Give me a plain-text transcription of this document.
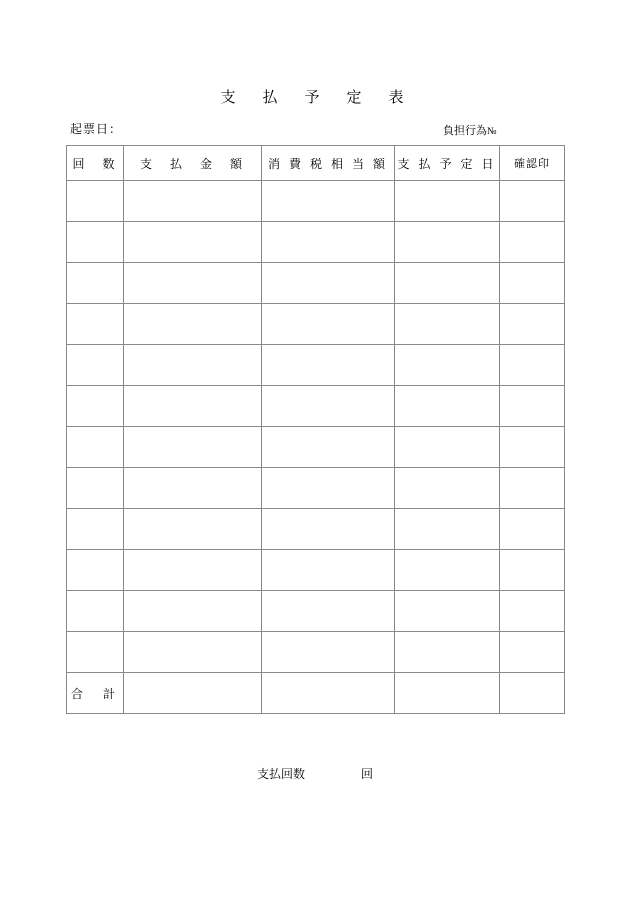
支　払　予　定　表
起票日：	負担行為№
回　数	支　払　金　額	消 費 税 相 当 額	支 払 予 定 日	確認印

合　計				
支払回数	回
